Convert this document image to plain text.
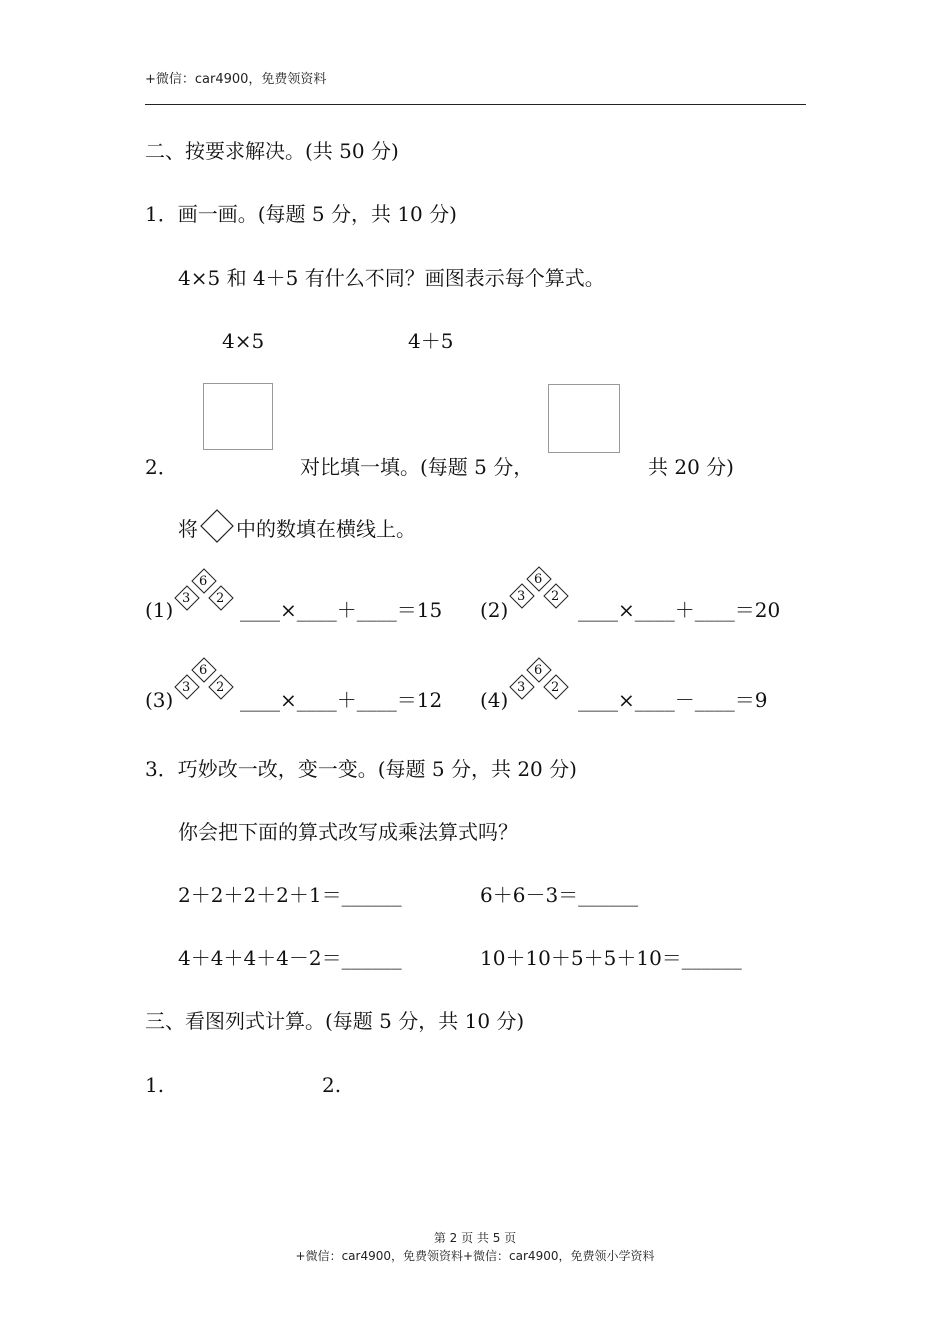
+微信：car4900，免费领资料
二、按要求解决。(共 50 分)
1．画一画。(每题 5 分，共 10 分)
4×5 和 4＋5 有什么不同？画图表示每个算式。
4×5	4＋5
2．	对比填一填。(每题 5 分，	共 20 分)
将 中的数填在横线上。
(1)
6
3 2 ____×____＋____＝15 (2)
6
3 2
____×____＋____＝20
(3)
6
3 2
____×____＋____＝12 (4)
6
3 2
____×____－____＝9
3．巧妙改一改，变一变。(每题 5 分，共 20 分)
你会把下面的算式改写成乘法算式吗？
2＋2＋2＋2＋1＝______	6＋6－3＝______
4＋4＋4＋4－2＝______	10＋10＋5＋5＋10＝______
三、看图列式计算。(每题 5 分，共 10 分)
1.	2.
第 2 页 共 5 页
+微信：car4900，免费领资料+微信：car4900，免费领小学资料
